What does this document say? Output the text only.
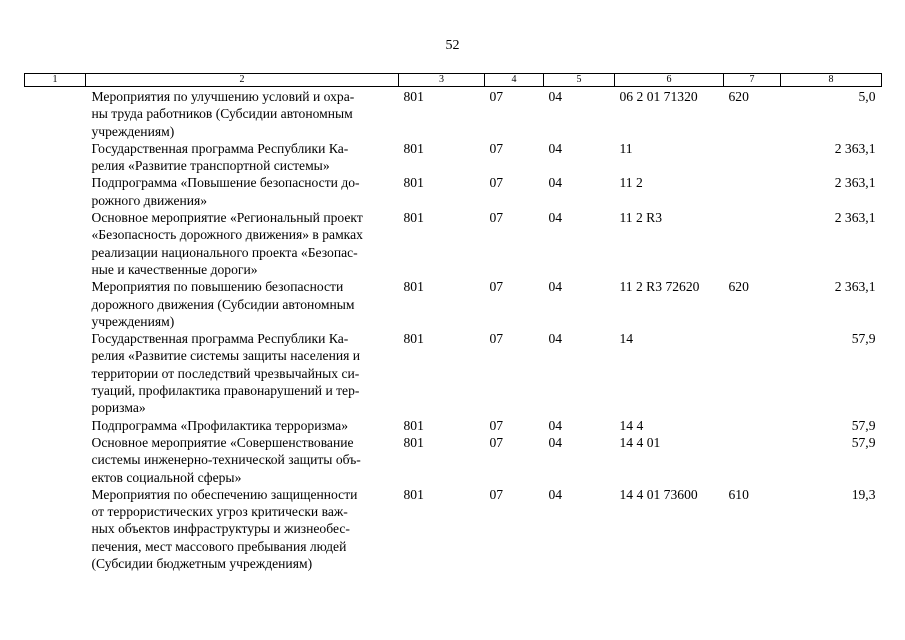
52
1	2	3	4	5	6	7	8
	Мероприятия по улучшению условий и охра-
ны труда работников (Субсидии автономным
учреждениям)	801	07	04	06 2 01 71320	620	5,0
	Государственная программа Республики Ка-
релия «Развитие транспортной системы»	801	07	04	11		2 363,1
	Подпрограмма «Повышение безопасности до-
рожного движения»	801	07	04	11 2		2 363,1
	Основное мероприятие «Региональный проект
«Безопасность дорожного движения» в рамках
реализации национального проекта «Безопас-
ные и качественные дороги»	801	07	04	11 2 R3		2 363,1
	Мероприятия по повышению безопасности
дорожного движения (Субсидии автономным
учреждениям)	801	07	04	11 2 R3 72620	620	2 363,1
	Государственная программа Республики Ка-
релия «Развитие системы защиты населения и
территории от последствий чрезвычайных си-
туаций, профилактика правонарушений и тер-
роризма»	801	07	04	14		57,9
	Подпрограмма «Профилактика терроризма»	801	07	04	14 4		57,9
	Основное мероприятие «Совершенствование
системы инженерно-технической защиты объ-
ектов социальной сферы»	801	07	04	14 4 01		57,9
	Мероприятия по обеспечению защищенности
от террористических угроз критически важ-
ных объектов инфраструктуры и жизнеобес-
печения, мест массового пребывания людей
(Субсидии бюджетным учреждениям)	801	07	04	14 4 01 73600	610	19,3
